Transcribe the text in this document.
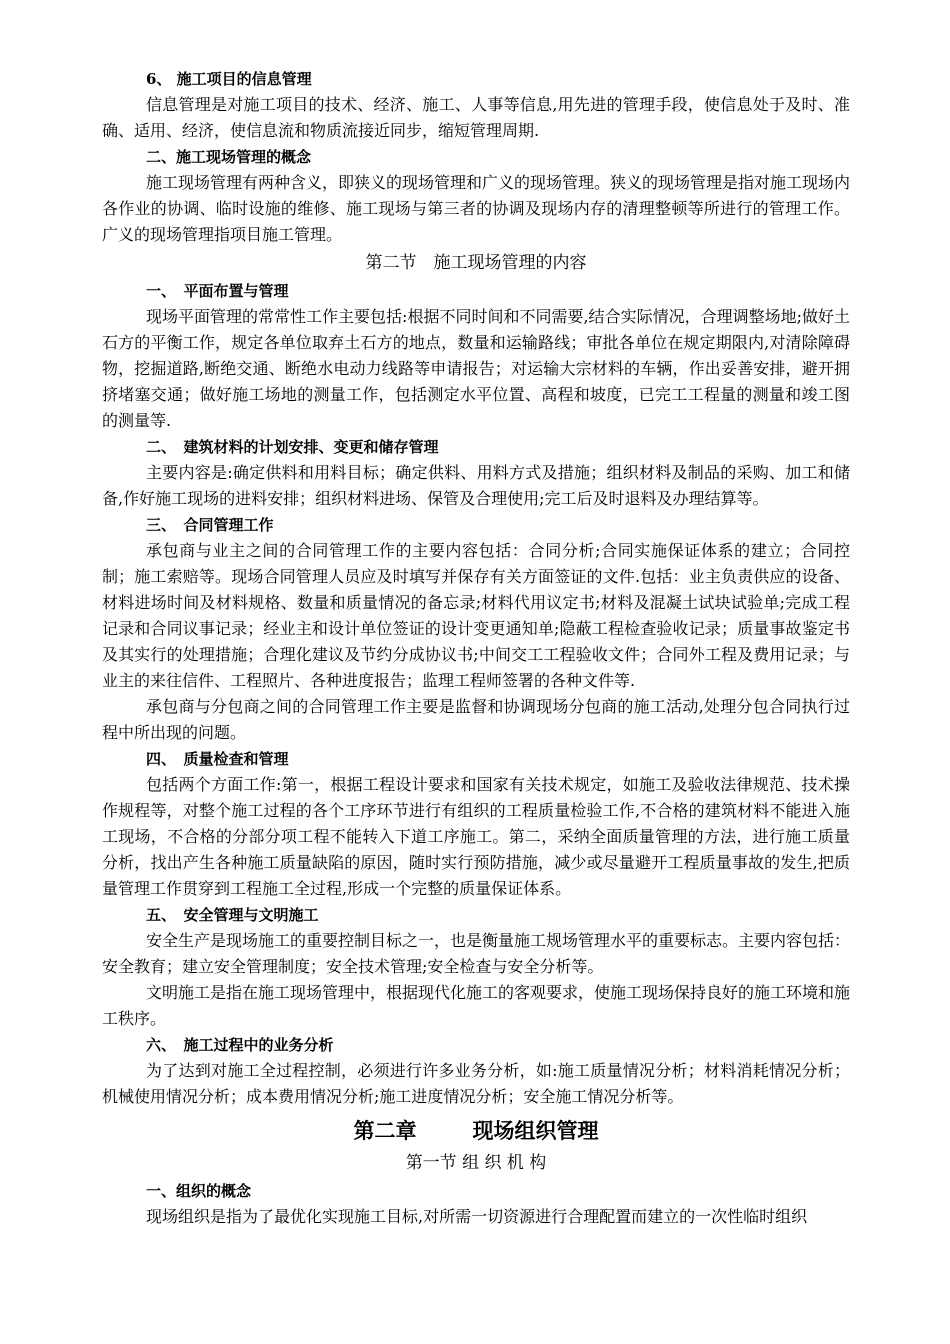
6、 施工项目的信息管理
信息管理是对施工项目的技术、经济、施工、人事等信息,用先进的管理手段，使信息处于及时、准确、适用、经济，使信息流和物质流接近同步，缩短管理周期.
二、施工现场管理的概念
施工现场管理有两种含义，即狭义的现场管理和广义的现场管理。狭义的现场管理是指对施工现场内各作业的协调、临时设施的维修、施工现场与第三者的协调及现场内存的清理整顿等所进行的管理工作。广义的现场管理指项目施工管理。
第二节　施工现场管理的内容
一、　平面布置与管理
现场平面管理的常常性工作主要包括:根据不同时间和不同需要,结合实际情况，合理调整场地;做好土石方的平衡工作，规定各单位取弃土石方的地点，数量和运输路线；审批各单位在规定期限内,对清除障碍物，挖掘道路,断绝交通、断绝水电动力线路等申请报告；对运输大宗材料的车辆，作出妥善安排，避开拥挤堵塞交通；做好施工场地的测量工作，包括测定水平位置、高程和坡度，已完工工程量的测量和竣工图的测量等.
二、　建筑材料的计划安排、变更和储存管理
主要内容是:确定供料和用料目标；确定供料、用料方式及措施；组织材料及制品的采购、加工和储备,作好施工现场的进料安排；组织材料进场、保管及合理使用;完工后及时退料及办理结算等。
三、　合同管理工作
承包商与业主之间的合同管理工作的主要内容包括：合同分析;合同实施保证体系的建立；合同控制；施工索赔等。现场合同管理人员应及时填写并保存有关方面签证的文件.包括：业主负责供应的设备、材料进场时间及材料规格、数量和质量情况的备忘录;材料代用议定书;材料及混凝土试块试验单;完成工程记录和合同议事记录；经业主和设计单位签证的设计变更通知单;隐蔽工程检查验收记录；质量事故鉴定书及其实行的处理措施；合理化建议及节约分成协议书;中间交工工程验收文件；合同外工程及费用记录；与业主的来往信件、工程照片、各种进度报告；监理工程师签署的各种文件等.
承包商与分包商之间的合同管理工作主要是监督和协调现场分包商的施工活动,处理分包合同执行过程中所出现的问题。
四、　质量检查和管理
包括两个方面工作:第一，根据工程设计要求和国家有关技术规定，如施工及验收法律规范、技术操作规程等，对整个施工过程的各个工序环节进行有组织的工程质量检验工作,不合格的建筑材料不能进入施工现场，不合格的分部分项工程不能转入下道工序施工。第二，采纳全面质量管理的方法，进行施工质量分析，找出产生各种施工质量缺陷的原因，随时实行预防措施，减少或尽量避开工程质量事故的发生,把质量管理工作贯穿到工程施工全过程,形成一个完整的质量保证体系。
五、　安全管理与文明施工
安全生产是现场施工的重要控制目标之一，也是衡量施工规场管理水平的重要标志。主要内容包括：安全教育；建立安全管理制度；安全技术管理;安全检查与安全分析等。
文明施工是指在施工现场管理中，根据现代化施工的客观要求，使施工现场保持良好的施工环境和施工秩序。
六、　施工过程中的业务分析
为了达到对施工全过程控制，必须进行许多业务分析，如:施工质量情况分析；材料消耗情况分析；机械使用情况分析；成本费用情况分析;施工进度情况分析；安全施工情况分析等。
第二章	现场组织管理
第一节 组 织 机 构
一、组织的概念
现场组织是指为了最优化实现施工目标,对所需一切资源进行合理配置而建立的一次性临时组织
